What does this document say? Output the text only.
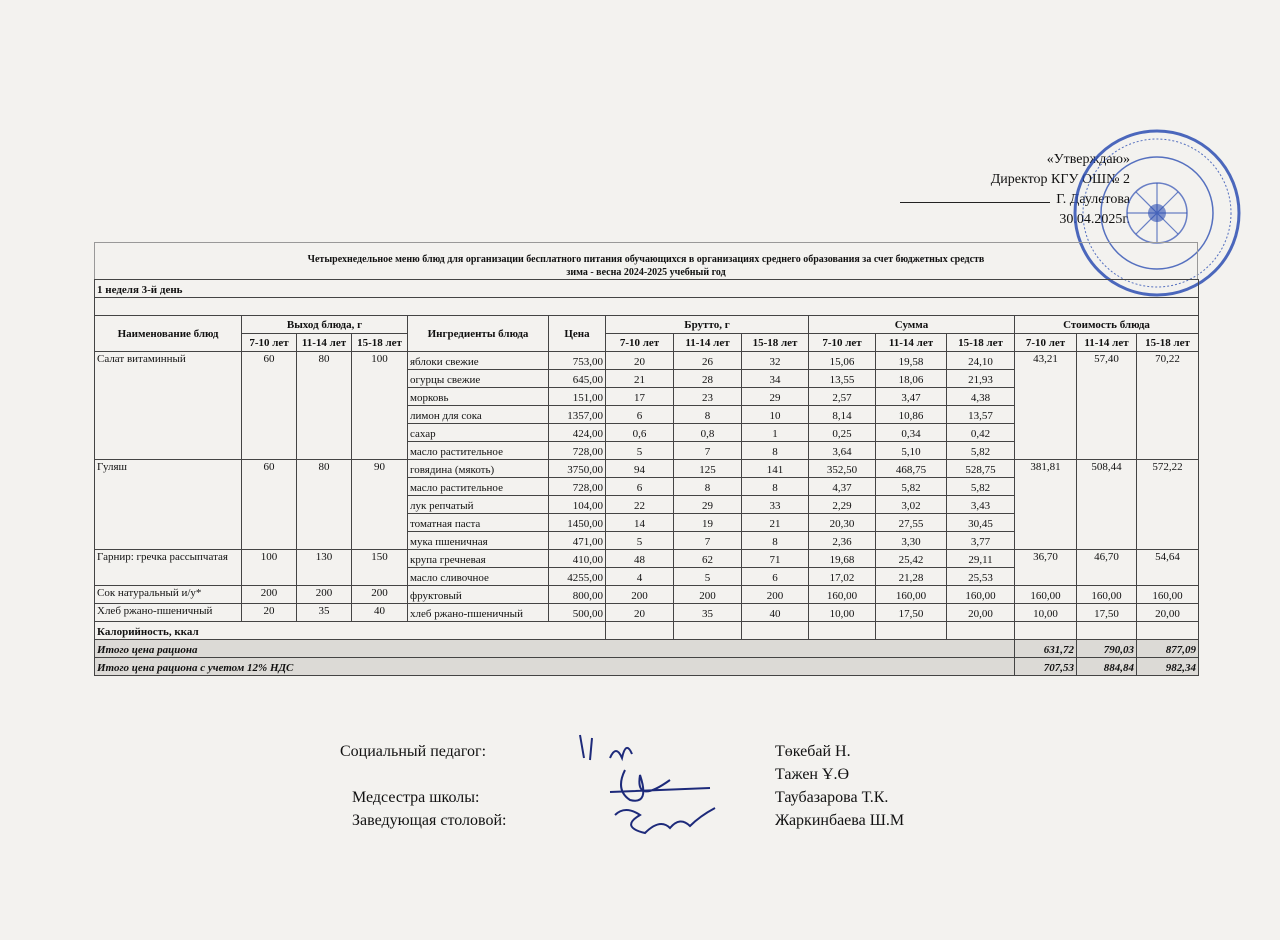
«Утверждаю»
Директор КГУ ОШ№ 2
Г. Даулетова
30.04.2025г.
Четырехнедельное меню блюд для организации бесплатного питания обучающихся в организациях среднего образования за счет бюджетных средств
зима - весна 2024-2025 учебный год
1 неделя 3-й день														

Наименование блюд	Выход блюда, г			Ингредиенты блюда	Цена	Брутто, г			Сумма			Стоимость блюда		
	7-10 лет	11-14 лет	15-18 лет			7-10 лет	11-14 лет	15-18 лет	7-10 лет	11-14 лет	15-18 лет	7-10 лет	11-14 лет	15-18 лет
Салат витаминный	60	80	100	яблоки свежие	753,00	20	26	32	15,06	19,58	24,10	43,21	57,40	70,22
				огурцы свежие	645,00	21	28	34	13,55	18,06	21,93			
				морковь	151,00	17	23	29	2,57	3,47	4,38			
				лимон для сока	1357,00	6	8	10	8,14	10,86	13,57			
				сахар	424,00	0,6	0,8	1	0,25	0,34	0,42			
				масло растительное	728,00	5	7	8	3,64	5,10	5,82			
Гуляш	60	80	90	говядина (мякоть)	3750,00	94	125	141	352,50	468,75	528,75	381,81	508,44	572,22
				масло растительное	728,00	6	8	8	4,37	5,82	5,82			
				лук репчатый	104,00	22	29	33	2,29	3,02	3,43			
				томатная паста	1450,00	14	19	21	20,30	27,55	30,45			
				мука пшеничная	471,00	5	7	8	2,36	3,30	3,77			
Гарнир: гречка рассыпчатая	100	130	150	крупа гречневая	410,00	48	62	71	19,68	25,42	29,11	36,70	46,70	54,64
				масло сливочное	4255,00	4	5	6	17,02	21,28	25,53			
Сок натуральный и/у*	200	200	200	фруктовый	800,00	200	200	200	160,00	160,00	160,00	160,00	160,00	160,00
Хлеб ржано-пшеничный	20	35	40	хлеб ржано-пшеничный	500,00	20	35	40	10,00	17,50	20,00	10,00	17,50	20,00
Калорийность, ккал														
Итого цена рациона												631,72	790,03	877,09
Итого цена рациона с учетом 12% НДС												707,53	884,84	982,34
Социальный педагог:	Төкебай Н.
Тажен Ұ.Ө
Медсестра школы:	Таубазарова Т.К.
Заведующая столовой:	Жаркинбаева Ш.М
